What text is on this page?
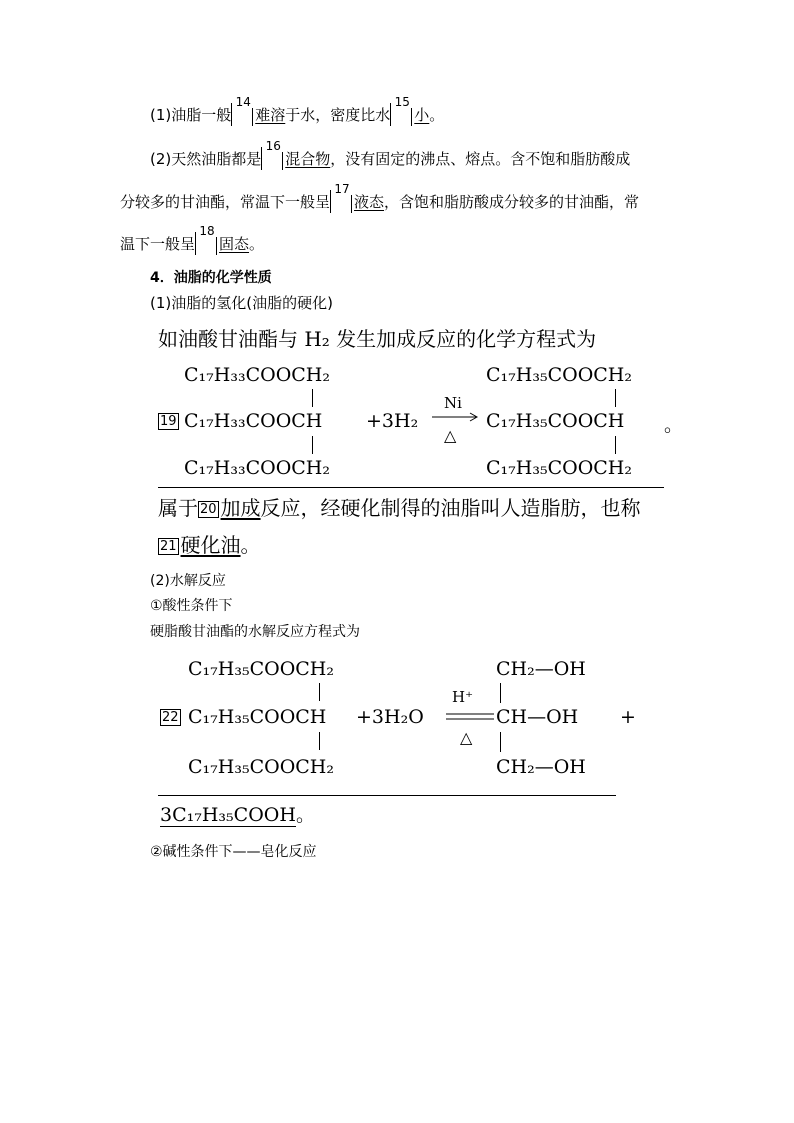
(1)油脂一般
14
难溶于水，密度比水
15
小。
(2)天然油脂都是
16
混合物，没有固定的沸点、熔点。含不饱和脂肪酸成
分较多的甘油酯，常温下一般呈
17
液态，含饱和脂肪酸成分较多的甘油酯，常
温下一般呈
18
固态。
4．油脂的化学性质
(1)油脂的氢化(油脂的硬化)
如油酸甘油酯与 H₂ 发生加成反应的化学方程式为
C₁₇H₃₃COOCH₂
19 C₁₇H₃₃COOCH
C₁₇H₃₃COOCH₂
+3H₂
Ni
△
C₁₇H₃₅COOCH₂
C₁₇H₃₅COOCH
C₁₇H₃₅COOCH₂
。
属于 20 加成反应，经硬化制得的油脂叫人造脂肪，也称
21 硬化油。
(2)水解反应
①酸性条件下
硬脂酸甘油酯的水解反应方程式为
C₁₇H₃₅COOCH₂
22 C₁₇H₃₅COOCH
C₁₇H₃₅COOCH₂
+3H₂O
H⁺
△
CH₂—OH
CH—OH
CH₂—OH
+
3C₁₇H₃₅COOH。
②碱性条件下——皂化反应
